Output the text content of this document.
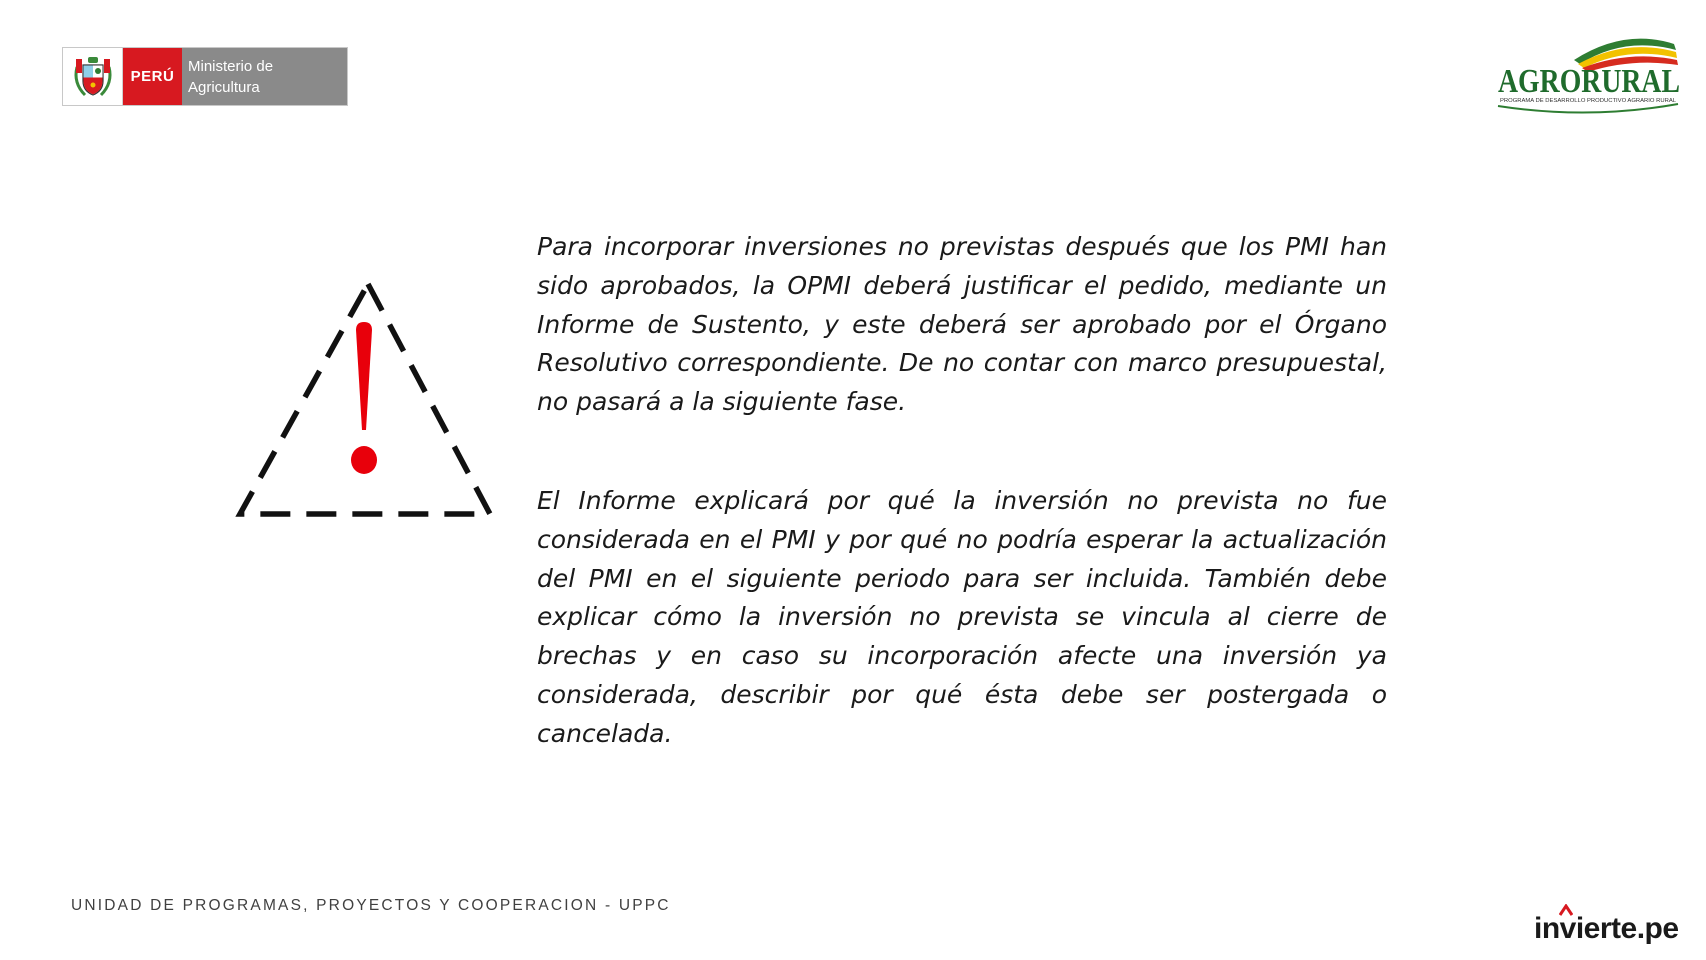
PERÚ
Ministerio de
Agricultura	AGRORURAL
PROGRAMA DE DESARROLLO PRODUCTIVO AGRARIO RURAL

Para incorporar inversiones no previstas después que los PMI han sido aprobados, la OPMI deberá justificar el pedido, mediante un Informe de Sustento, y este deberá ser aprobado por el Órgano Resolutivo correspondiente. De no contar con marco presupuestal, no pasará a la siguiente fase.

El Informe explicará por qué la inversión no prevista no fue considerada en el PMI y por qué no podría esperar la actualización del PMI en el siguiente periodo para ser incluida. También debe explicar cómo la inversión no prevista se vincula al cierre de brechas y en caso su incorporación afecte una inversión ya considerada, describir por qué ésta debe ser postergada o cancelada.

UNIDAD DE PROGRAMAS, PROYECTOS Y COOPERACION - UPPC
invierte.pe
